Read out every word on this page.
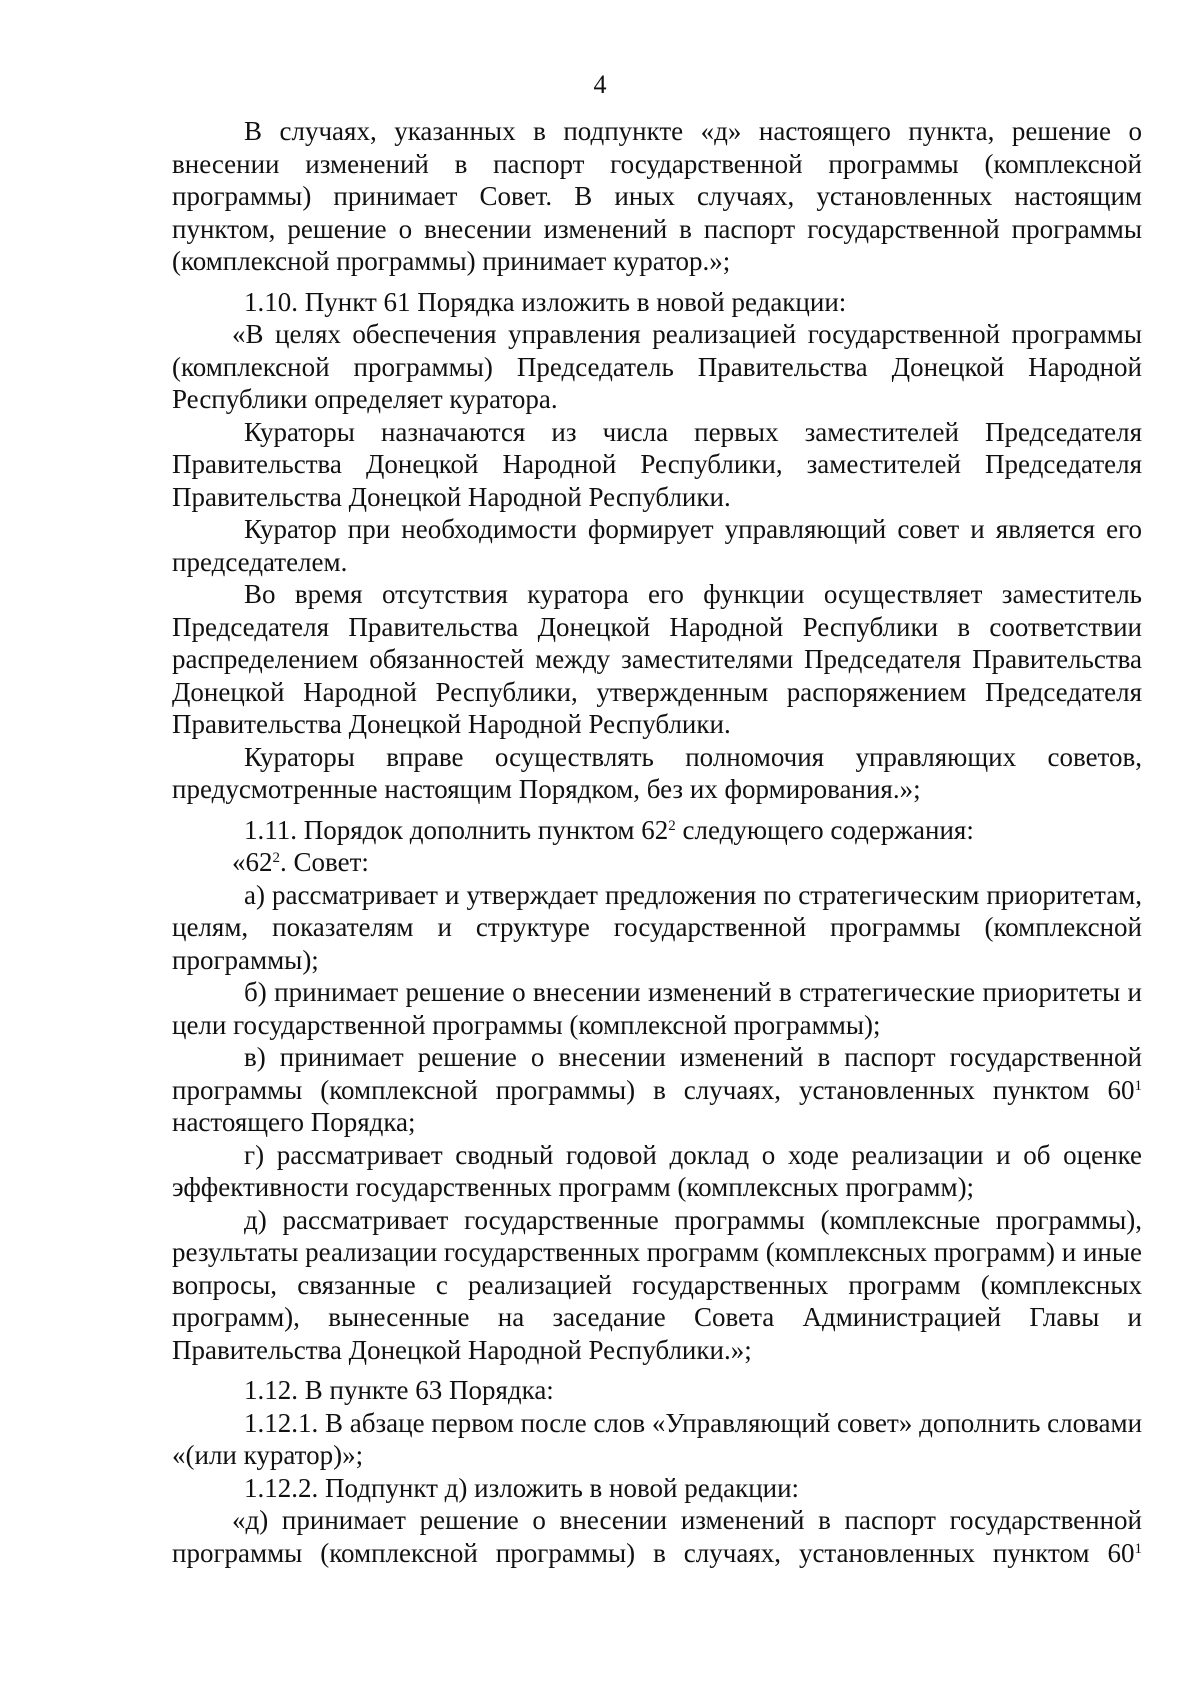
4

В случаях, указанных в подпункте «д» настоящего пункта, решение о внесении изменений в паспорт государственной программы (комплексной программы) принимает Совет. В иных случаях, установленных настоящим пунктом, решение о внесении изменений в паспорт государственной программы (комплексной программы) принимает куратор.»;

1.10. Пункт 61 Порядка изложить в новой редакции:

«В целях обеспечения управления реализацией государственной программы (комплексной программы) Председатель Правительства Донецкой Народной Республики определяет куратора.

Кураторы назначаются из числа первых заместителей Председателя Правительства Донецкой Народной Республики, заместителей Председателя Правительства Донецкой Народной Республики.

Куратор при необходимости формирует управляющий совет и является его председателем.

Во время отсутствия куратора его функции осуществляет заместитель Председателя Правительства Донецкой Народной Республики в соответствии распределением обязанностей между заместителями Председателя Правительства Донецкой Народной Республики, утвержденным распоряжением Председателя Правительства Донецкой Народной Республики.

Кураторы вправе осуществлять полномочия управляющих советов, предусмотренные настоящим Порядком, без их формирования.»;

1.11. Порядок дополнить пунктом $62^2$ следующего содержания:

«$62^2$. Совет:

а) рассматривает и утверждает предложения по стратегическим приоритетам, целям, показателям и структуре государственной программы (комплексной программы);

б) принимает решение о внесении изменений в стратегические приоритеты и цели государственной программы (комплексной программы);

в) принимает решение о внесении изменений в паспорт государственной программы (комплексной программы) в случаях, установленных пунктом $60^1$ настоящего Порядка;

г) рассматривает сводный годовой доклад о ходе реализации и об оценке эффективности государственных программ (комплексных программ);

д) рассматривает государственные программы (комплексные программы), результаты реализации государственных программ (комплексных программ) и иные вопросы, связанные с реализацией государственных программ (комплексных программ), вынесенные на заседание Совета Администрацией Главы и Правительства Донецкой Народной Республики.»;

1.12. В пункте 63 Порядка:

1.12.1. В абзаце первом после слов «Управляющий совет» дополнить словами «(или куратор)»;

1.12.2. Подпункт д) изложить в новой редакции:

«д) принимает решение о внесении изменений в паспорт государственной программы (комплексной программы) в случаях, установленных пунктом $60^1$
